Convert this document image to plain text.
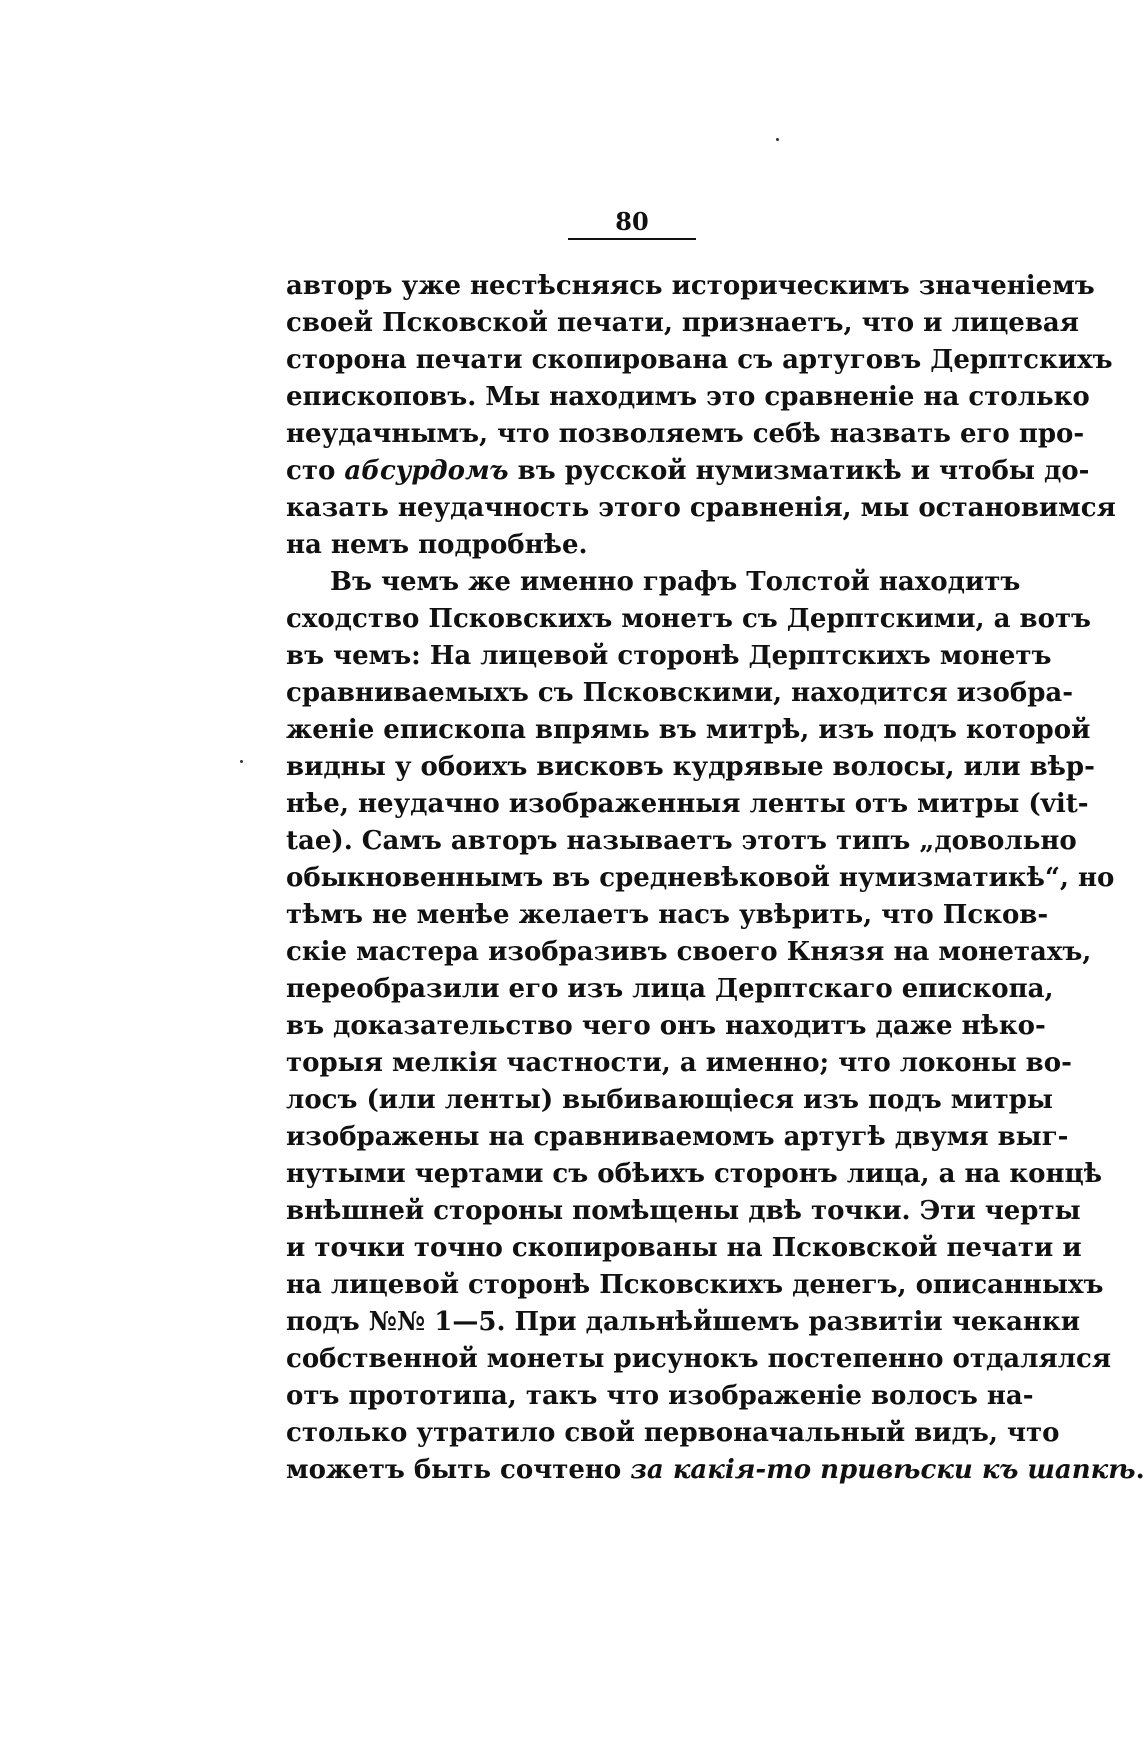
80
авторъ уже нестѣсняясь историческимъ значенiемъ
своей Псковской печати, признаетъ, что и лицевая
сторона печати скопирована съ артуговъ Дерптскихъ
епископовъ. Мы находимъ это сравненiе на столько
неудачнымъ, что позволяемъ себѣ назвать его про-
сто абсурдомъ въ русской нумизматикѣ и чтобы до-
казать неудачность этого сравненiя, мы остановимся
на немъ подробнѣе.
Въ чемъ же именно графъ Толстой находитъ
сходство Псковскихъ монетъ съ Дерптскими, а вотъ
въ чемъ: На лицевой сторонѣ Дерптскихъ монетъ
сравниваемыхъ съ Псковскими, находится изобра-
женiе епископа впрямь въ митрѣ, изъ подъ которой
видны у обоихъ висковъ кудрявые волосы, или вѣр-
нѣе, неудачно изображенныя ленты отъ митры (vit-
tae). Самъ авторъ называетъ этотъ типъ „довольно
обыкновеннымъ въ средневѣковой нумизматикѣ“, но
тѣмъ не менѣе желаетъ насъ увѣрить, что Псков-
скiе мастера изобразивъ своего Князя на монетахъ,
переобразили его изъ лица Дерптскаго епископа,
въ доказательство чего онъ находитъ даже нѣко-
торыя мелкiя частности, а именно; что локоны во-
лосъ (или ленты) выбивающiеся изъ подъ митры
изображены на сравниваемомъ артугѣ двумя выг-
нутыми чертами съ обѣихъ сторонъ лица, а на концѣ
внѣшней стороны помѣщены двѣ точки. Эти черты
и точки точно скопированы на Псковской печати и
на лицевой сторонѣ Псковскихъ денегъ, описанныхъ
подъ №№ 1—5. При дальнѣйшемъ развитiи чеканки
собственной монеты рисунокъ постепенно отдалялся
отъ прототипа, такъ что изображенiе волосъ на-
столько утратило свой первоначальный видъ, что
можетъ быть сочтено за какiя-то привѣски къ шапкѣ.
